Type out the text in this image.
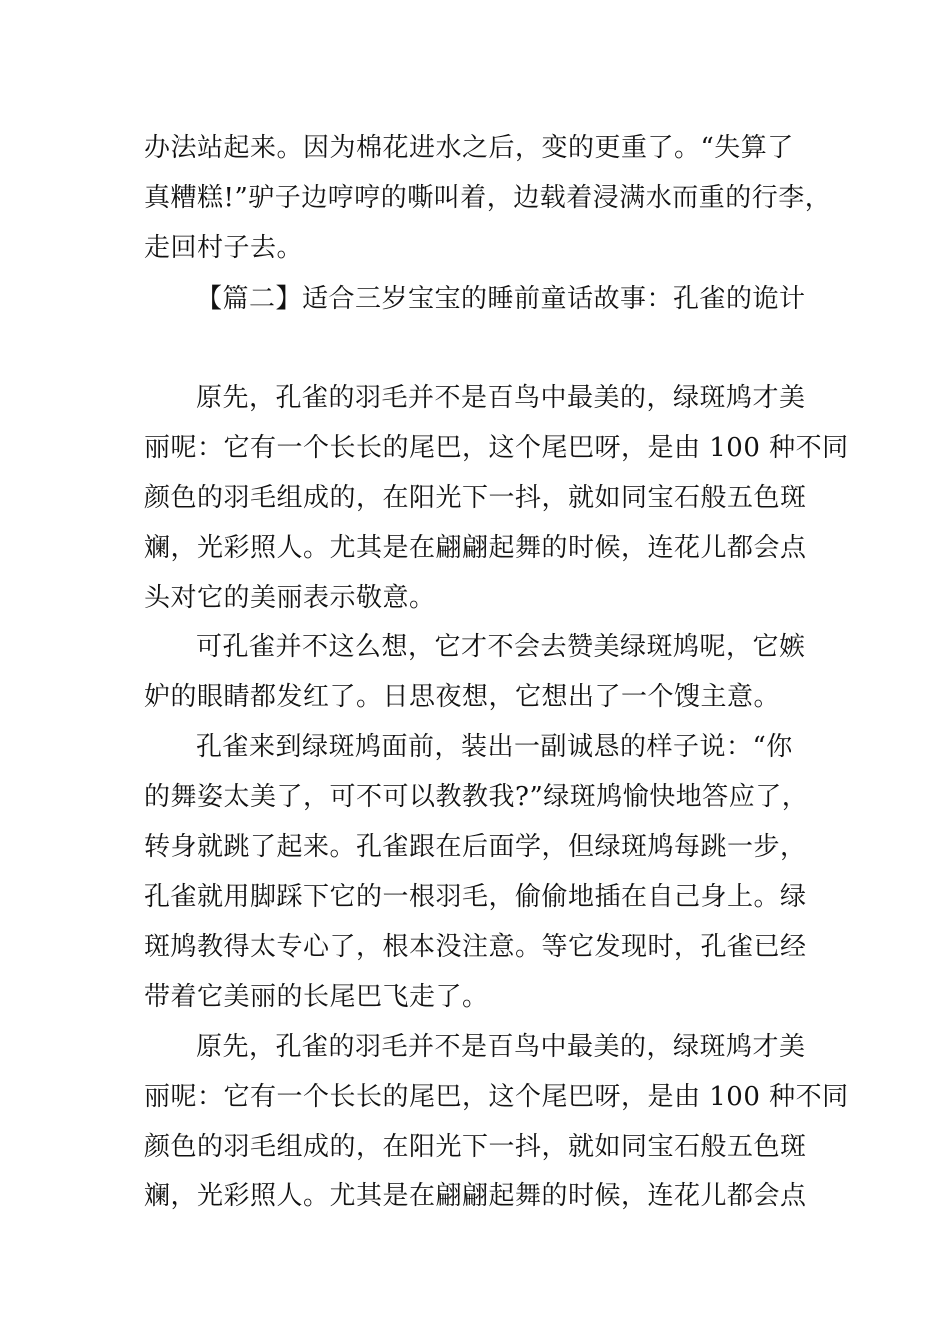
办法站起来。因为棉花进水之后，变的更重了。“失算了
真糟糕!”驴子边哼哼的嘶叫着，边载着浸满水而重的行李，
走回村子去。
【篇二】适合三岁宝宝的睡前童话故事：孔雀的诡计
原先，孔雀的羽毛并不是百鸟中最美的，绿斑鸠才美
丽呢：它有一个长长的尾巴，这个尾巴呀，是由 100 种不同
颜色的羽毛组成的，在阳光下一抖，就如同宝石般五色斑
斓，光彩照人。尤其是在翩翩起舞的时候，连花儿都会点
头对它的美丽表示敬意。
可孔雀并不这么想，它才不会去赞美绿斑鸠呢，它嫉
妒的眼睛都发红了。日思夜想，它想出了一个馊主意。
孔雀来到绿斑鸠面前，装出一副诚恳的样子说：“你
的舞姿太美了，可不可以教教我?”绿斑鸠愉快地答应了，
转身就跳了起来。孔雀跟在后面学，但绿斑鸠每跳一步，
孔雀就用脚踩下它的一根羽毛，偷偷地插在自己身上。绿
斑鸠教得太专心了，根本没注意。等它发现时，孔雀已经
带着它美丽的长尾巴飞走了。
原先，孔雀的羽毛并不是百鸟中最美的，绿斑鸠才美
丽呢：它有一个长长的尾巴，这个尾巴呀，是由 100 种不同
颜色的羽毛组成的，在阳光下一抖，就如同宝石般五色斑
斓，光彩照人。尤其是在翩翩起舞的时候，连花儿都会点
